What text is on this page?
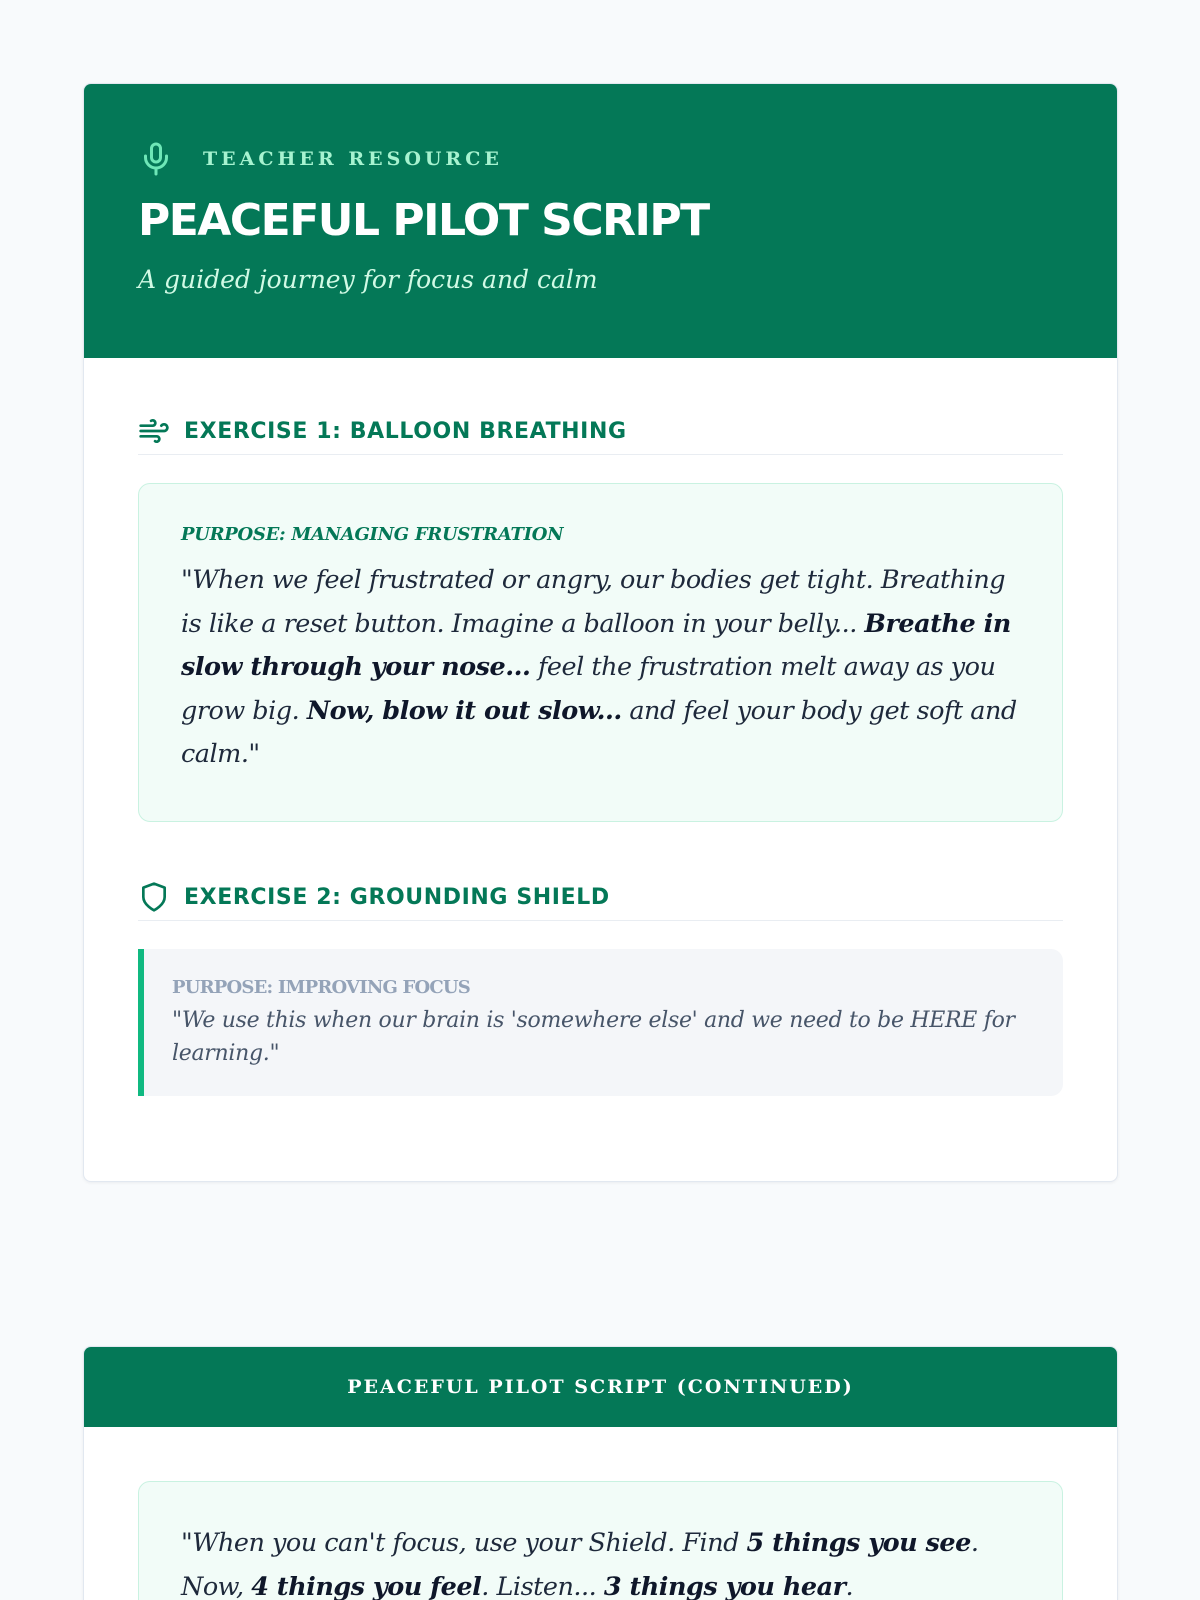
TEACHER RESOURCE
PEACEFUL PILOT SCRIPT
A guided journey for focus and calm
EXERCISE 1: BALLOON BREATHING
PURPOSE: MANAGING FRUSTRATION

"When we feel frustrated or angry, our bodies get tight. Breathing is like a reset button. Imagine a balloon in your belly... Breathe in slow through your nose... feel the frustration melt away as you grow big. Now, blow it out slow... and feel your body get soft and calm."

EXERCISE 2: GROUNDING SHIELD
PURPOSE: IMPROVING FOCUS

"We use this when our brain is 'somewhere else' and we need to be HERE for learning."

PEACEFUL PILOT SCRIPT (CONTINUED)

"When you can't focus, use your Shield. Find 5 things you see. Now, 4 things you feel. Listen... 3 things you hear.
